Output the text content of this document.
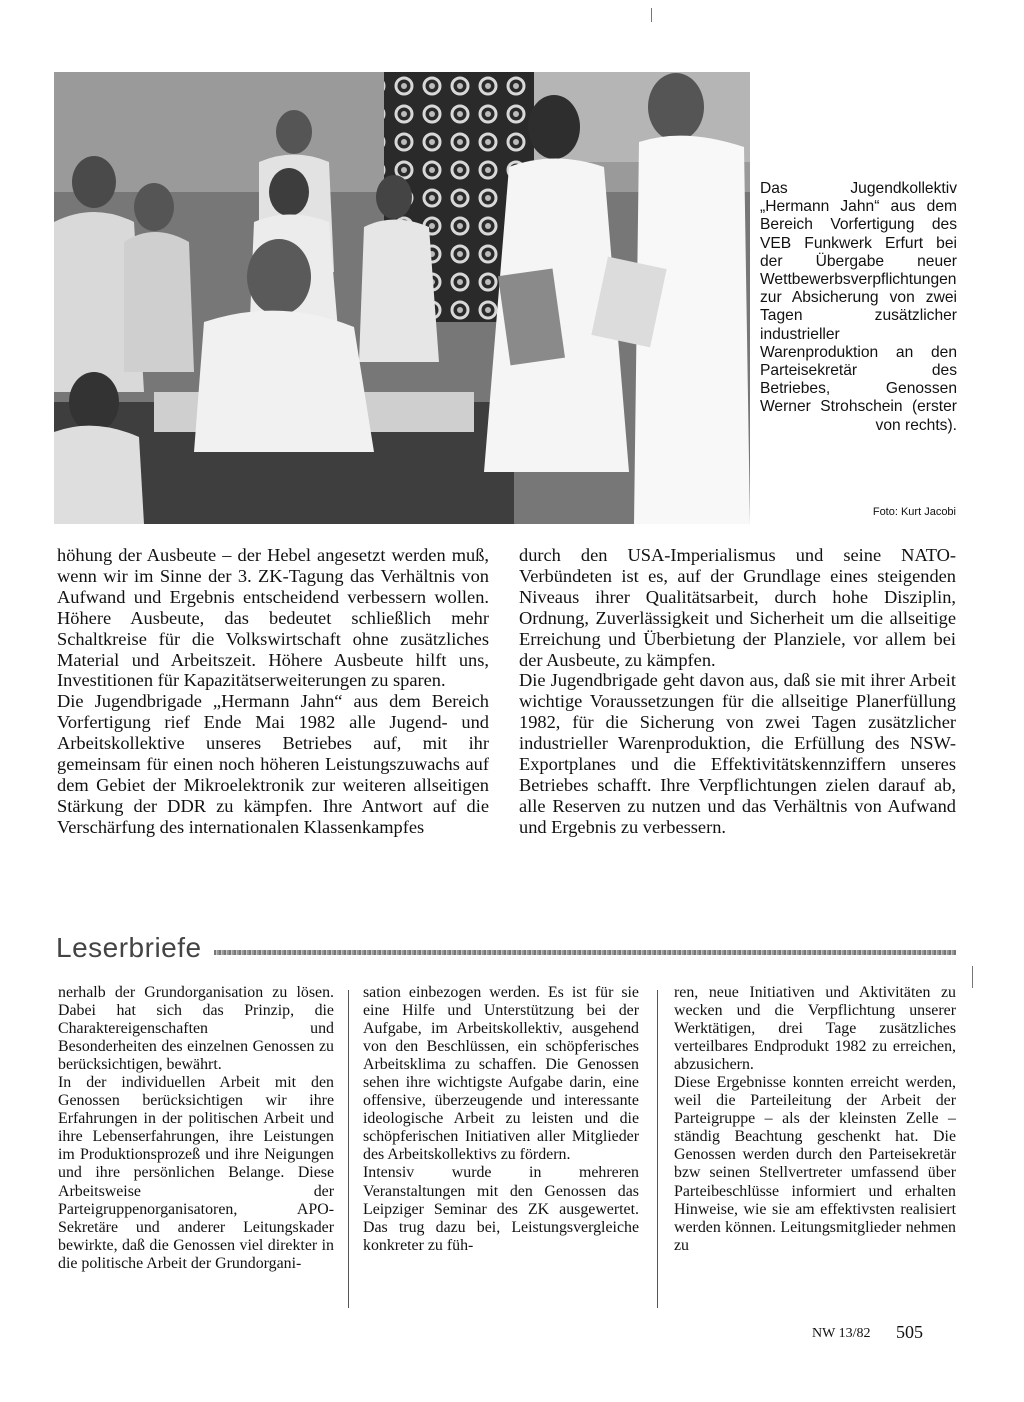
Das Jugendkollektiv „Hermann Jahn“ aus dem Bereich Vorfertigung des VEB Funkwerk Erfurt bei der Übergabe neuer Wettbewerbsverpflichtungen zur Absicherung von zwei Tagen zusätzlicher industrieller Warenproduktion an den Parteisekretär des Betriebes, Genossen Werner Strohschein (erster von rechts).

Foto: Kurt Jacobi

höhung der Ausbeute – der Hebel angesetzt werden muß, wenn wir im Sinne der 3. ZK-Tagung das Verhältnis von Aufwand und Ergebnis entscheidend verbessern wollen. Höhere Ausbeute, das bedeutet schließlich mehr Schaltkreise für die Volkswirtschaft ohne zusätzliches Material und Arbeitszeit. Höhere Ausbeute hilft uns, Investitionen für Kapazitätserweiterungen zu sparen.

Die Jugendbrigade „Hermann Jahn“ aus dem Bereich Vorfertigung rief Ende Mai 1982 alle Jugend- und Arbeitskollektive unseres Betriebes auf, mit ihr gemeinsam für einen noch höheren Leistungszuwachs auf dem Gebiet der Mikroelektronik zur weiteren allseitigen Stärkung der DDR zu kämpfen. Ihre Antwort auf die Verschärfung des internationalen Klassenkampfes

durch den USA-Imperialismus und seine NATO-Verbündeten ist es, auf der Grundlage eines steigenden Niveaus ihrer Qualitätsarbeit, durch hohe Disziplin, Ordnung, Zuverlässigkeit und Sicherheit um die allseitige Erreichung und Überbietung der Planziele, vor allem bei der Ausbeute, zu kämpfen.

Die Jugendbrigade geht davon aus, daß sie mit ihrer Arbeit wichtige Voraussetzungen für die allseitige Planerfüllung 1982, für die Sicherung von zwei Tagen zusätzlicher industrieller Warenproduktion, die Erfüllung des NSW-Exportplanes und die Effektivitätskennziffern unseres Betriebes schafft. Ihre Verpflichtungen zielen darauf ab, alle Reserven zu nutzen und das Verhältnis von Aufwand und Ergebnis zu verbessern.

Leserbriefe

nerhalb der Grundorganisation zu lösen. Dabei hat sich das Prinzip, die Charaktereigenschaften und Besonderheiten des einzelnen Genossen zu berücksichtigen, bewährt.

In der individuellen Arbeit mit den Genossen berücksichtigen wir ihre Erfahrungen in der politischen Arbeit und ihre Lebenserfahrungen, ihre Leistungen im Produktionsprozeß und ihre Neigungen und ihre persönlichen Belange. Diese Arbeitsweise der Parteigruppenorganisatoren, APO-Sekretäre und anderer Leitungskader bewirkte, daß die Genossen viel direkter in die politische Arbeit der Grundorgani-

sation einbezogen werden. Es ist für sie eine Hilfe und Unterstützung bei der Aufgabe, im Arbeitskollektiv, ausgehend von den Beschlüssen, ein schöpferisches Arbeitsklima zu schaffen. Die Genossen sehen ihre wichtigste Aufgabe darin, eine offensive, überzeugende und interessante ideologische Arbeit zu leisten und die schöpferischen Initiativen aller Mitglieder des Arbeitskollektivs zu fördern.

Intensiv wurde in mehreren Veranstaltungen mit den Genossen das Leipziger Seminar des ZK ausgewertet. Das trug dazu bei, Leistungsvergleiche konkreter zu füh-

ren, neue Initiativen und Aktivitäten zu wecken und die Verpflichtung unserer Werktätigen, drei Tage zusätzliches verteilbares Endprodukt 1982 zu erreichen, abzusichern.

Diese Ergebnisse konnten erreicht werden, weil die Parteileitung der Arbeit der Parteigruppe – als der kleinsten Zelle – ständig Beachtung geschenkt hat. Die Genossen werden durch den Parteisekretär bzw seinen Stellvertreter umfassend über Parteibeschlüsse informiert und erhalten Hinweise, wie sie am effektivsten realisiert werden können. Leitungsmitglieder nehmen zu

NW 13/82 505
